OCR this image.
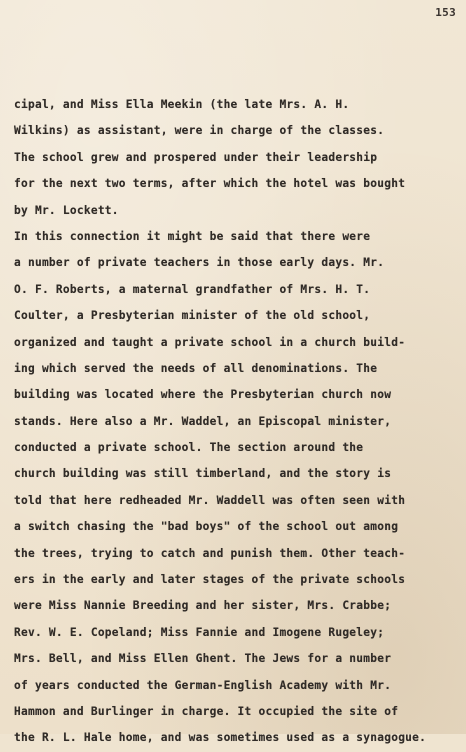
153
cipal, and Miss Ella Meekin (the late Mrs. A. H.
Wilkins) as assistant, were in charge of the classes.
The school grew and prospered under their leadership
for the next two terms, after which the hotel was bought
by Mr. Lockett.
In this connection it might be said that there were
a number of private teachers in those early days. Mr.
O. F. Roberts, a maternal grandfather of Mrs. H. T.
Coulter, a Presbyterian minister of the old school,
organized and taught a private school in a church build-
ing which served the needs of all denominations. The
building was located where the Presbyterian church now
stands. Here also a Mr. Waddel, an Episcopal minister,
conducted a private school. The section around the
church building was still timberland, and the story is
told that here redheaded Mr. Waddell was often seen with
a switch chasing the "bad boys" of the school out among
the trees, trying to catch and punish them. Other teach-
ers in the early and later stages of the private schools
were Miss Nannie Breeding and her sister, Mrs. Crabbe;
Rev. W. E. Copeland; Miss Fannie and Imogene Rugeley;
Mrs. Bell, and Miss Ellen Ghent. The Jews for a number
of years conducted the German-English Academy with Mr.
Hammon and Burlinger in charge. It occupied the site of
the R. L. Hale home, and was sometimes used as a synagogue.
